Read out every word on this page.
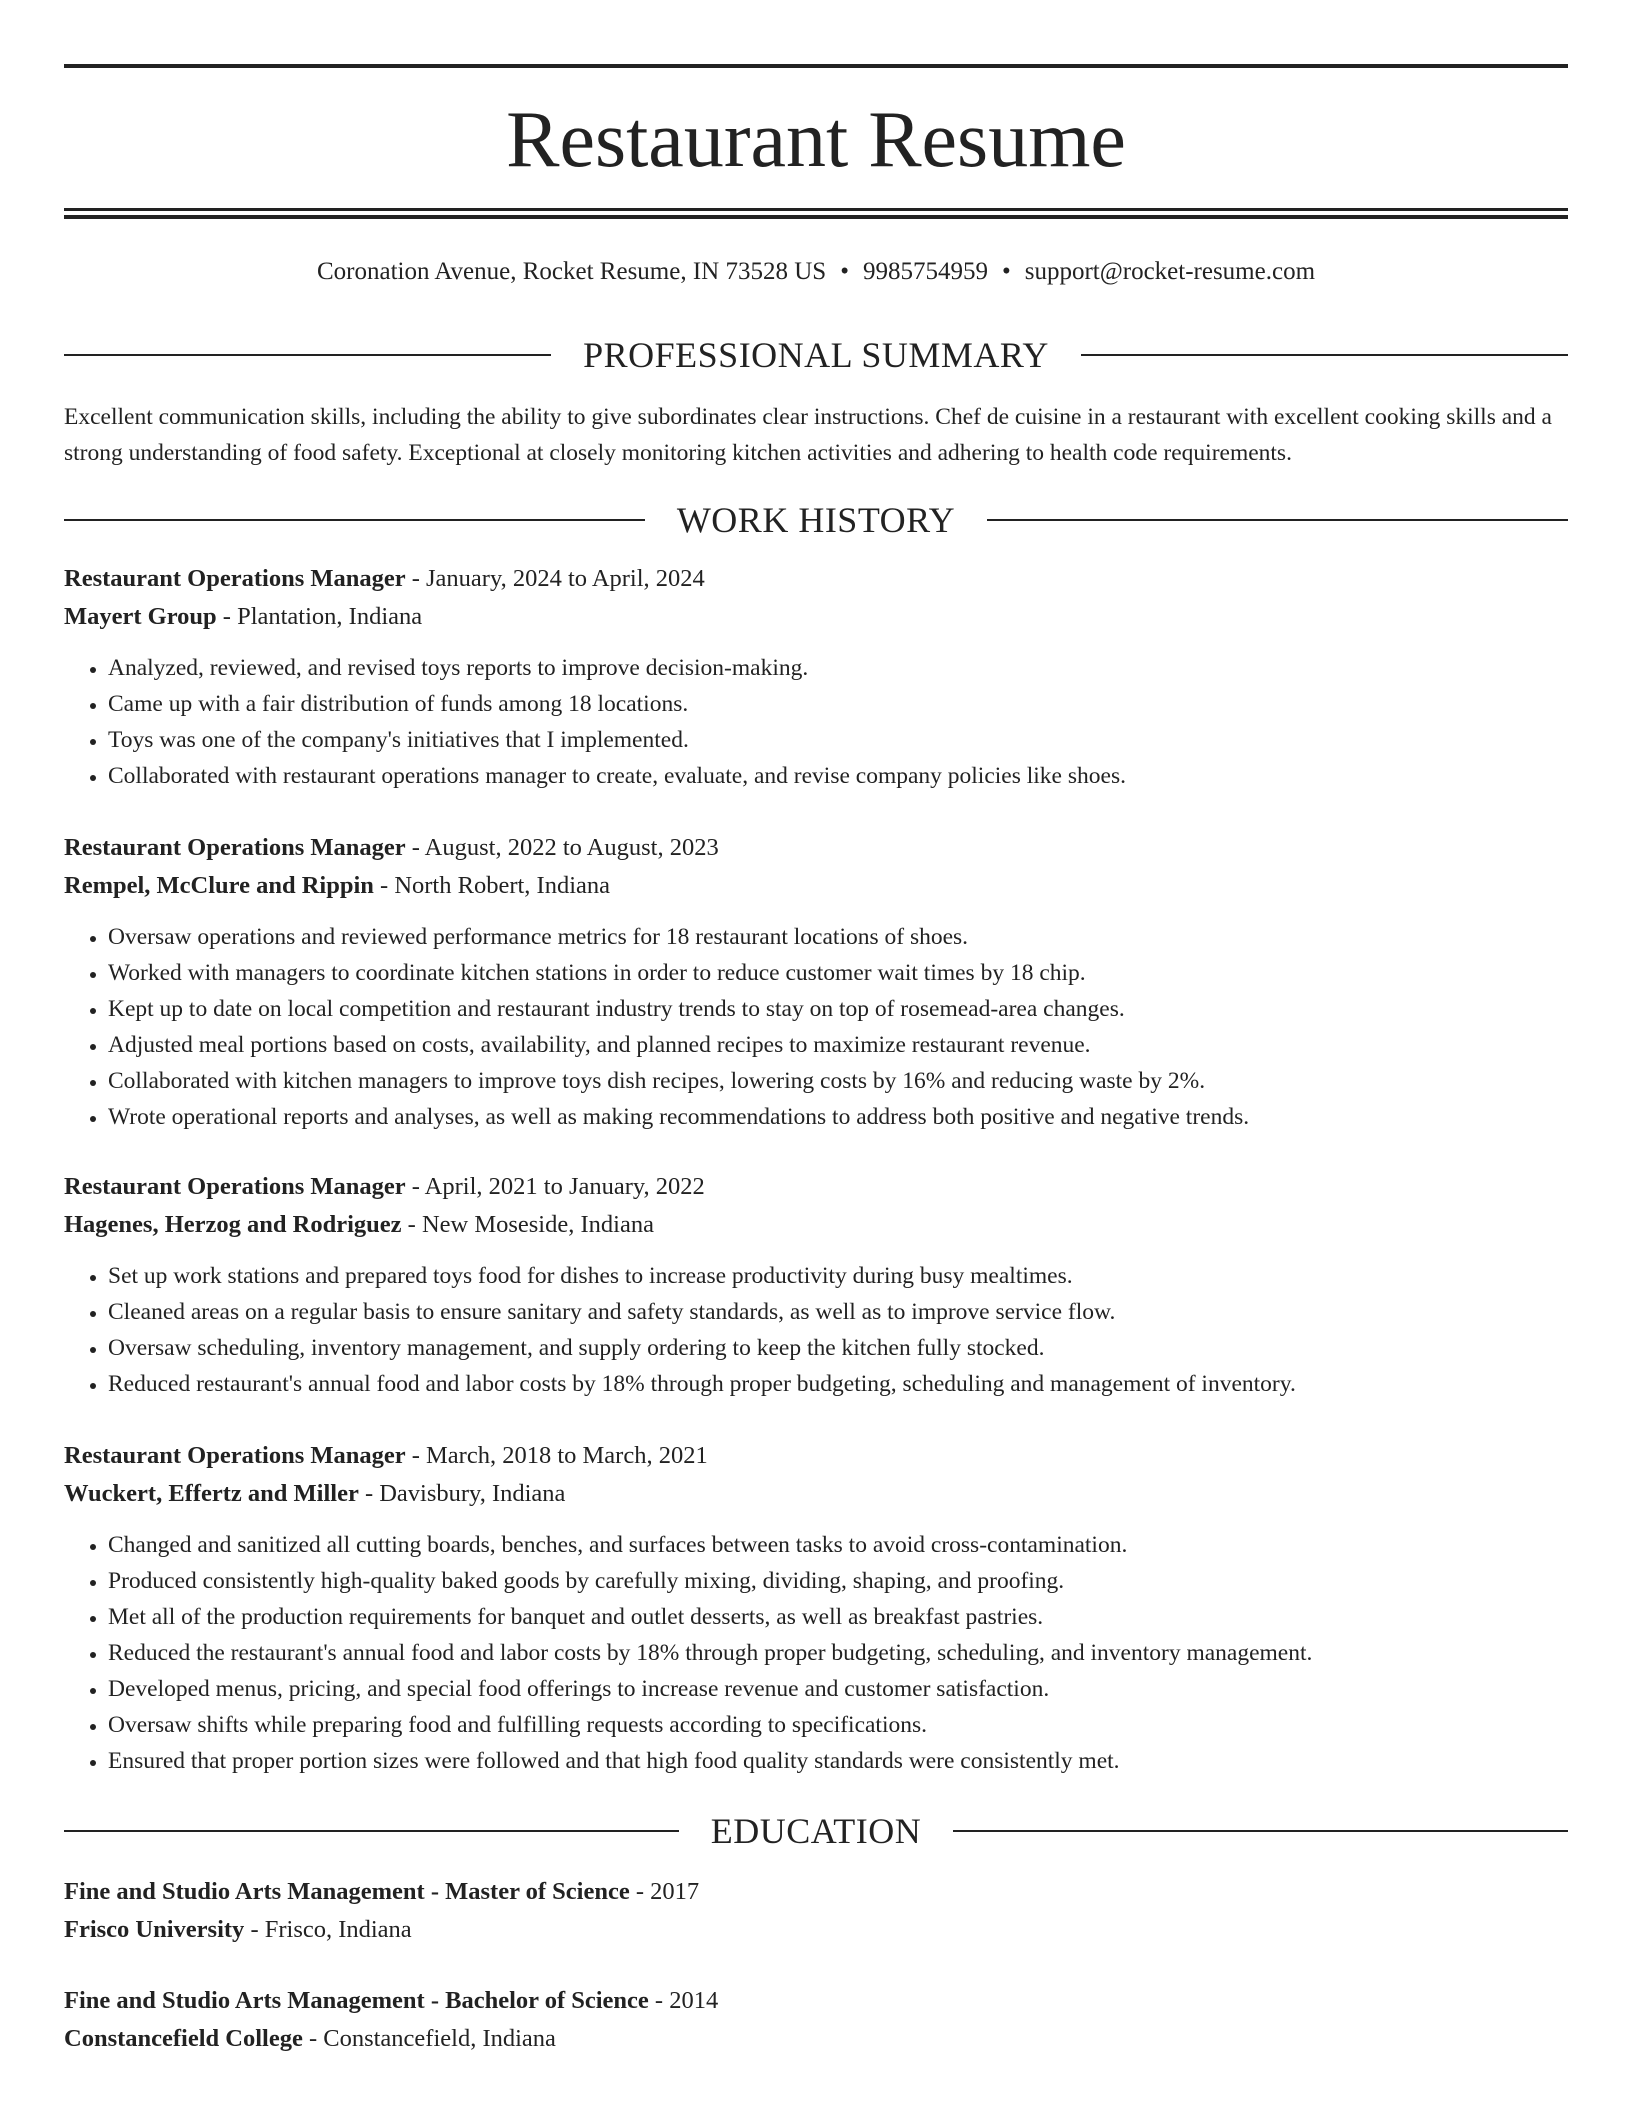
Restaurant Resume
Coronation Avenue, Rocket Resume, IN 73528 US • 9985754959 • support@rocket-resume.com
PROFESSIONAL SUMMARY

Excellent communication skills, including the ability to give subordinates clear instructions. Chef de cuisine in a restaurant with excellent cooking skills and a strong understanding of food safety. Exceptional at closely monitoring kitchen activities and adhering to health code requirements.

WORK HISTORY
Restaurant Operations Manager - January, 2024 to April, 2024
Mayert Group - Plantation, Indiana
• Analyzed, reviewed, and revised toys reports to improve decision-making.
• Came up with a fair distribution of funds among 18 locations.
• Toys was one of the company's initiatives that I implemented.
• Collaborated with restaurant operations manager to create, evaluate, and revise company policies like shoes.
Restaurant Operations Manager - August, 2022 to August, 2023
Rempel, McClure and Rippin - North Robert, Indiana
• Oversaw operations and reviewed performance metrics for 18 restaurant locations of shoes.
• Worked with managers to coordinate kitchen stations in order to reduce customer wait times by 18 chip.
• Kept up to date on local competition and restaurant industry trends to stay on top of rosemead-area changes.
• Adjusted meal portions based on costs, availability, and planned recipes to maximize restaurant revenue.
• Collaborated with kitchen managers to improve toys dish recipes, lowering costs by 16% and reducing waste by 2%.
• Wrote operational reports and analyses, as well as making recommendations to address both positive and negative trends.
Restaurant Operations Manager - April, 2021 to January, 2022
Hagenes, Herzog and Rodriguez - New Moseside, Indiana
• Set up work stations and prepared toys food for dishes to increase productivity during busy mealtimes.
• Cleaned areas on a regular basis to ensure sanitary and safety standards, as well as to improve service flow.
• Oversaw scheduling, inventory management, and supply ordering to keep the kitchen fully stocked.
• Reduced restaurant's annual food and labor costs by 18% through proper budgeting, scheduling and management of inventory.
Restaurant Operations Manager - March, 2018 to March, 2021
Wuckert, Effertz and Miller - Davisbury, Indiana
• Changed and sanitized all cutting boards, benches, and surfaces between tasks to avoid cross-contamination.
• Produced consistently high-quality baked goods by carefully mixing, dividing, shaping, and proofing.
• Met all of the production requirements for banquet and outlet desserts, as well as breakfast pastries.
• Reduced the restaurant's annual food and labor costs by 18% through proper budgeting, scheduling, and inventory management.
• Developed menus, pricing, and special food offerings to increase revenue and customer satisfaction.
• Oversaw shifts while preparing food and fulfilling requests according to specifications.
• Ensured that proper portion sizes were followed and that high food quality standards were consistently met.
EDUCATION
Fine and Studio Arts Management - Master of Science - 2017
Frisco University - Frisco, Indiana
Fine and Studio Arts Management - Bachelor of Science - 2014
Constancefield College - Constancefield, Indiana
